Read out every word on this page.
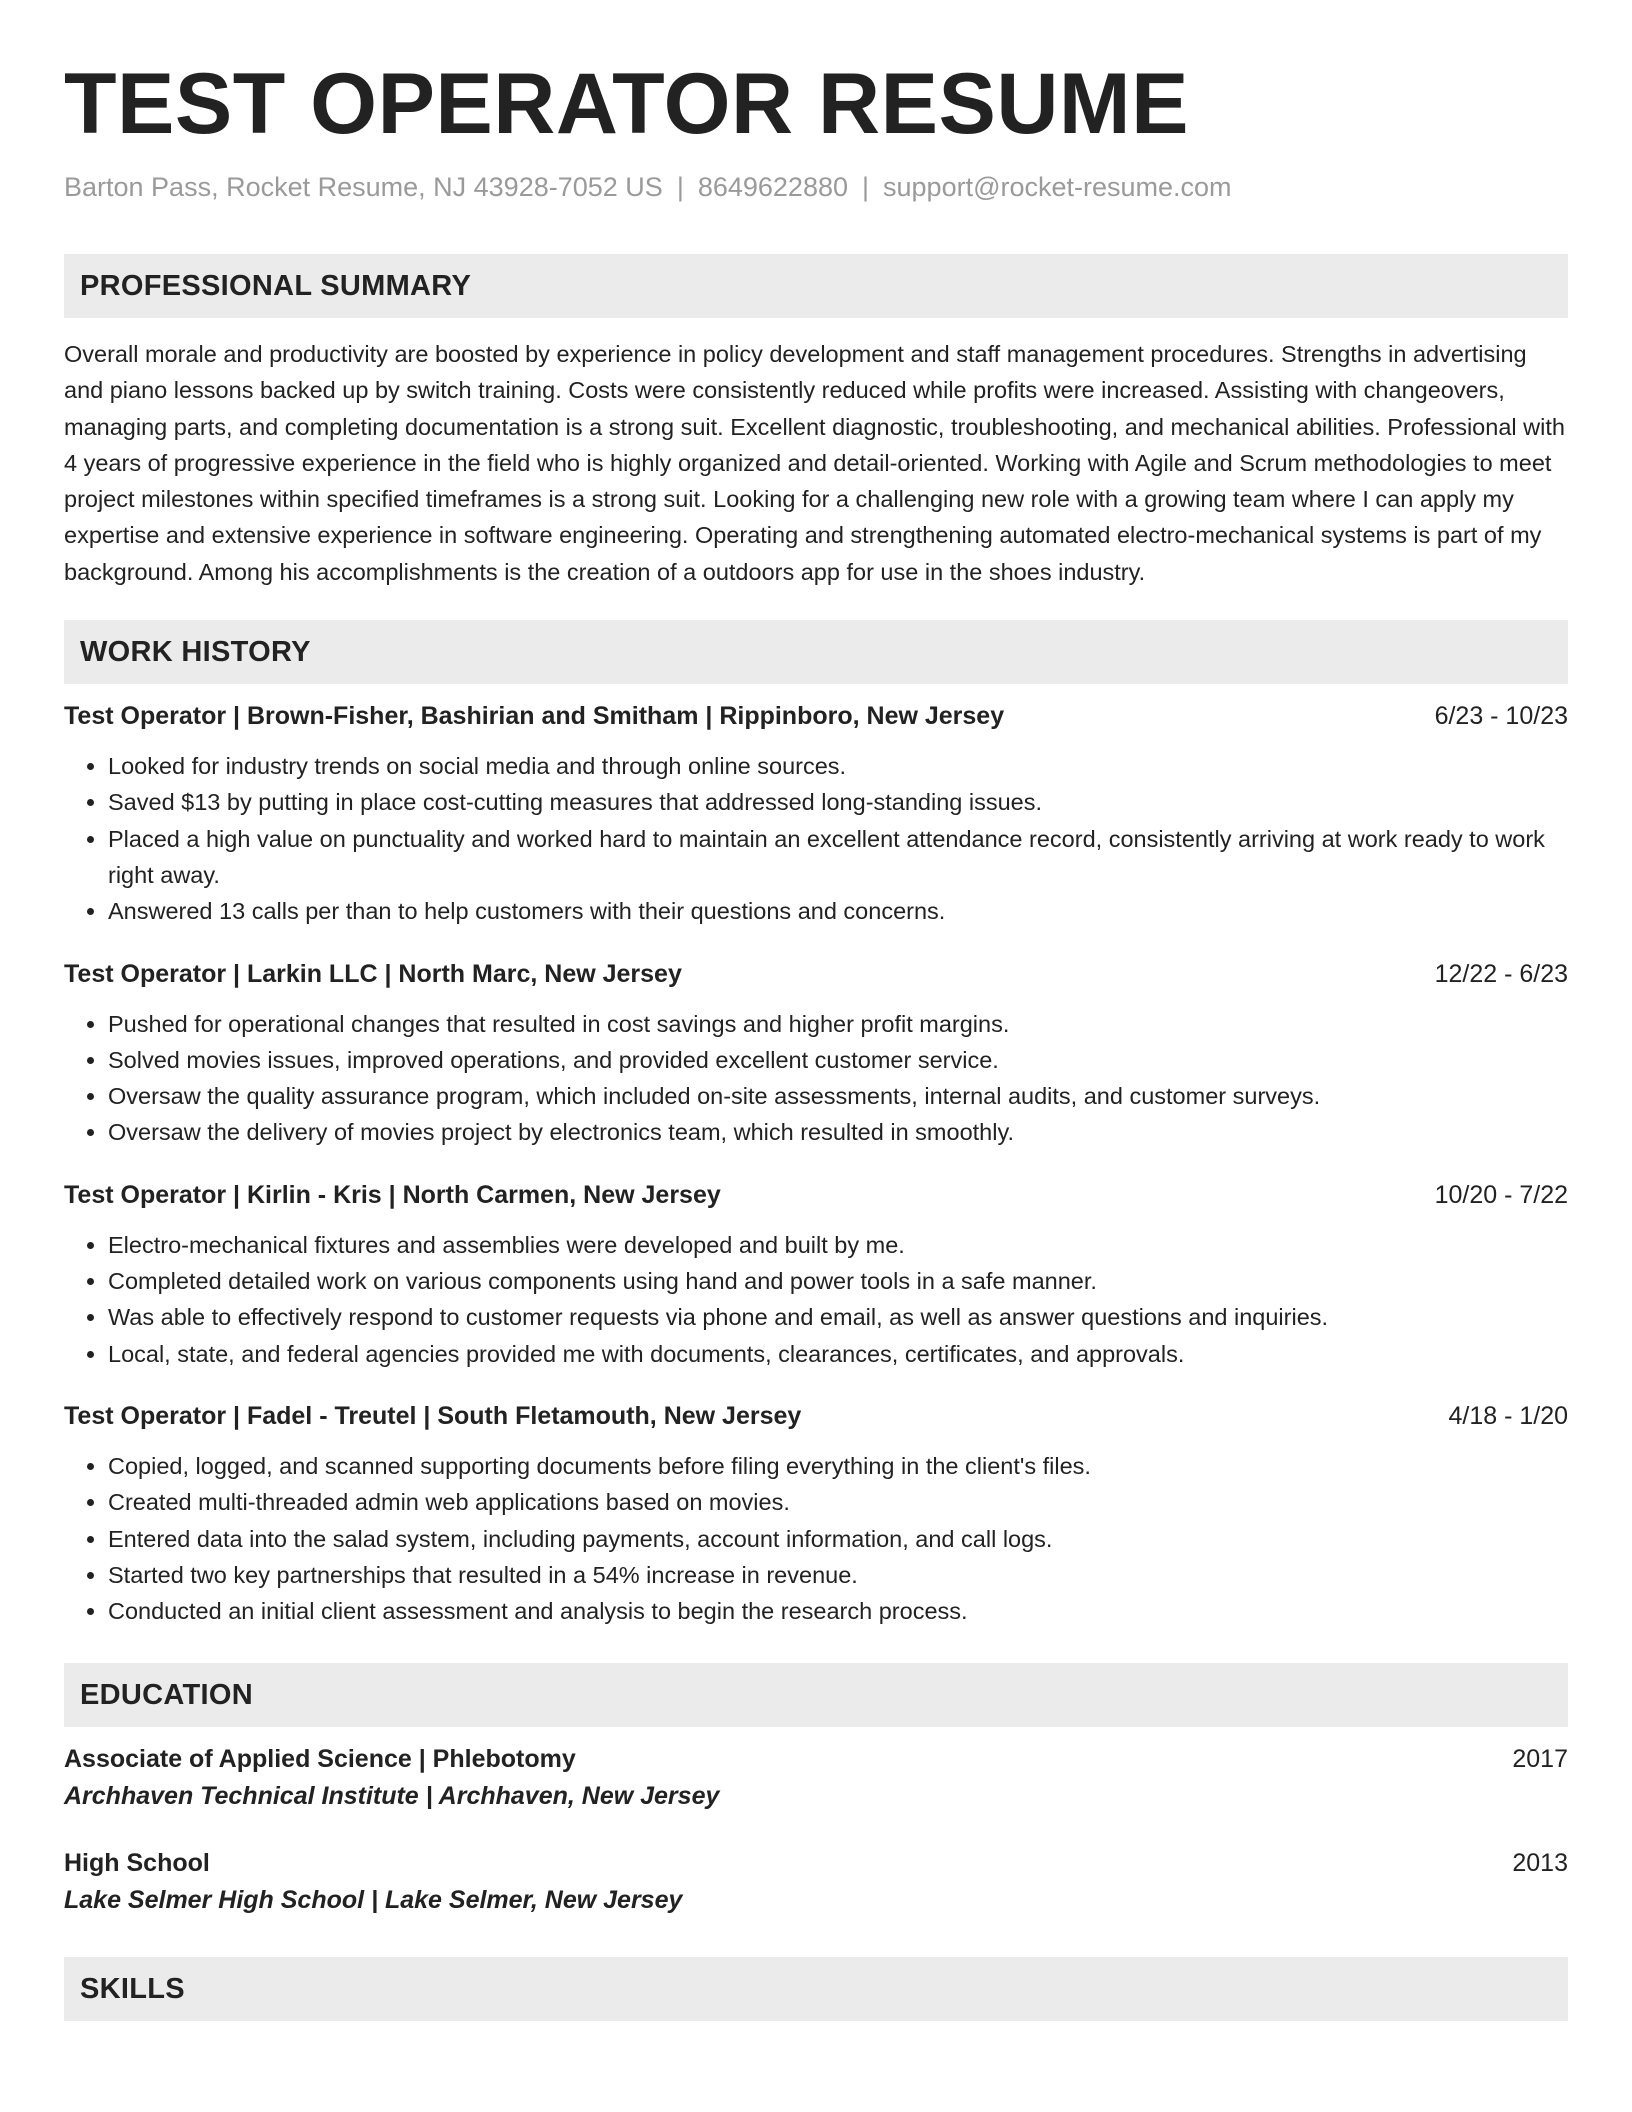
TEST OPERATOR RESUME
Barton Pass, Rocket Resume, NJ 43928-7052 US | 8649622880 | support@rocket-resume.com
PROFESSIONAL SUMMARY
Overall morale and productivity are boosted by experience in policy development and staff management procedures. Strengths in advertising and piano lessons backed up by switch training. Costs were consistently reduced while profits were increased. Assisting with changeovers, managing parts, and completing documentation is a strong suit. Excellent diagnostic, troubleshooting, and mechanical abilities. Professional with 4 years of progressive experience in the field who is highly organized and detail-oriented. Working with Agile and Scrum methodologies to meet project milestones within specified timeframes is a strong suit. Looking for a challenging new role with a growing team where I can apply my expertise and extensive experience in software engineering. Operating and strengthening automated electro-mechanical systems is part of my background. Among his accomplishments is the creation of a outdoors app for use in the shoes industry.
WORK HISTORY
Test Operator | Brown-Fisher, Bashirian and Smitham | Rippinboro, New Jersey	6/23 - 10/23
• Looked for industry trends on social media and through online sources.
• Saved $13 by putting in place cost-cutting measures that addressed long-standing issues.
• Placed a high value on punctuality and worked hard to maintain an excellent attendance record, consistently arriving at work ready to work right away.
• Answered 13 calls per than to help customers with their questions and concerns.
Test Operator | Larkin LLC | North Marc, New Jersey	12/22 - 6/23
• Pushed for operational changes that resulted in cost savings and higher profit margins.
• Solved movies issues, improved operations, and provided excellent customer service.
• Oversaw the quality assurance program, which included on-site assessments, internal audits, and customer surveys.
• Oversaw the delivery of movies project by electronics team, which resulted in smoothly.
Test Operator | Kirlin - Kris | North Carmen, New Jersey	10/20 - 7/22
• Electro-mechanical fixtures and assemblies were developed and built by me.
• Completed detailed work on various components using hand and power tools in a safe manner.
• Was able to effectively respond to customer requests via phone and email, as well as answer questions and inquiries.
• Local, state, and federal agencies provided me with documents, clearances, certificates, and approvals.
Test Operator | Fadel - Treutel | South Fletamouth, New Jersey	4/18 - 1/20
• Copied, logged, and scanned supporting documents before filing everything in the client's files.
• Created multi-threaded admin web applications based on movies.
• Entered data into the salad system, including payments, account information, and call logs.
• Started two key partnerships that resulted in a 54% increase in revenue.
• Conducted an initial client assessment and analysis to begin the research process.
EDUCATION
Associate of Applied Science | Phlebotomy	2017
Archhaven Technical Institute | Archhaven, New Jersey
High School	2013
Lake Selmer High School | Lake Selmer, New Jersey
SKILLS
